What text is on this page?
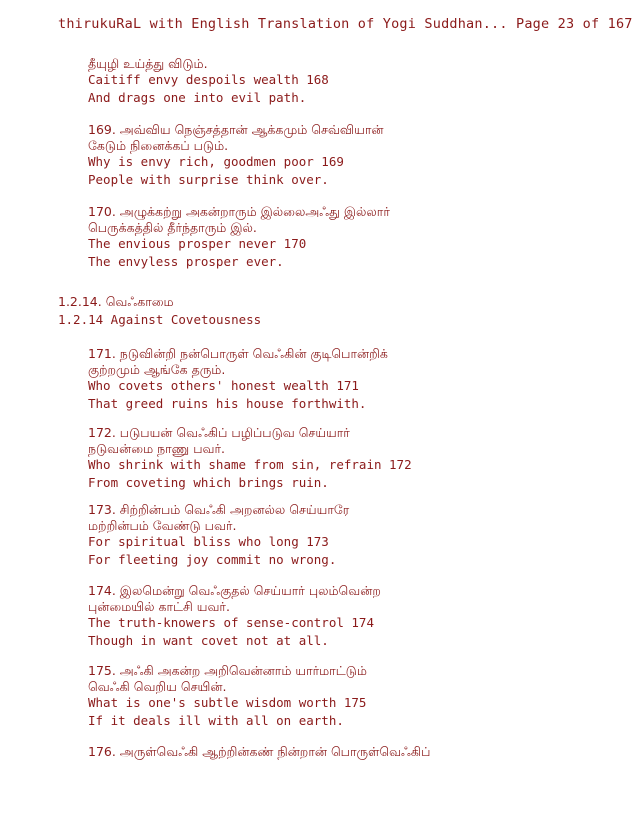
thirukuRaL with English Translation of Yogi Suddhan... Page 23 of 167
தீயுழி உய்த்து விடும்.
Caitiff envy despoils wealth 168
And drags one into evil path.
169. அவ்விய நெஞ்சத்தான் ஆக்கமும் செவ்வியான்
கேடும் நினைக்கப் படும்.
Why is envy rich, goodmen poor 169
People with surprise think over.
170. அழுக்கற்று அகன்றாரும் இல்லைஅஃது இல்லார்
பெருக்கத்தில் தீர்ந்தாரும் இல்.
The envious prosper never 170
The envyless prosper ever.
1.2.14. வெஃகாமை
1.2.14 Against Covetousness
171. நடுவின்றி நன்பொருள் வெஃகின் குடிபொன்றிக்
குற்றமும் ஆங்கே தரும்.
Who covets others' honest wealth 171
That greed ruins his house forthwith.
172. படுபயன் வெஃகிப் பழிப்படுவ செய்யார்
நடுவன்மை நாணு பவர்.
Who shrink with shame from sin, refrain 172
From coveting which brings ruin.
173. சிற்றின்பம் வெஃகி அறனல்ல செய்யாரே
மற்றின்பம் வேண்டு பவர்.
For spiritual bliss who long 173
For fleeting joy commit no wrong.
174. இலமென்று வெஃகுதல் செய்யார் புலம்வென்ற
புன்மையில் காட்சி யவர்.
The truth-knowers of sense-control 174
Though in want covet not at all.
175. அஃகி அகன்ற அறிவென்னாம் யார்மாட்டும்
வெஃகி வெறிய செயின்.
What is one's subtle wisdom worth 175
If it deals ill with all on earth.
176. அருள்வெஃகி ஆற்றின்கண் நின்றான் பொருள்வெஃகிப்
